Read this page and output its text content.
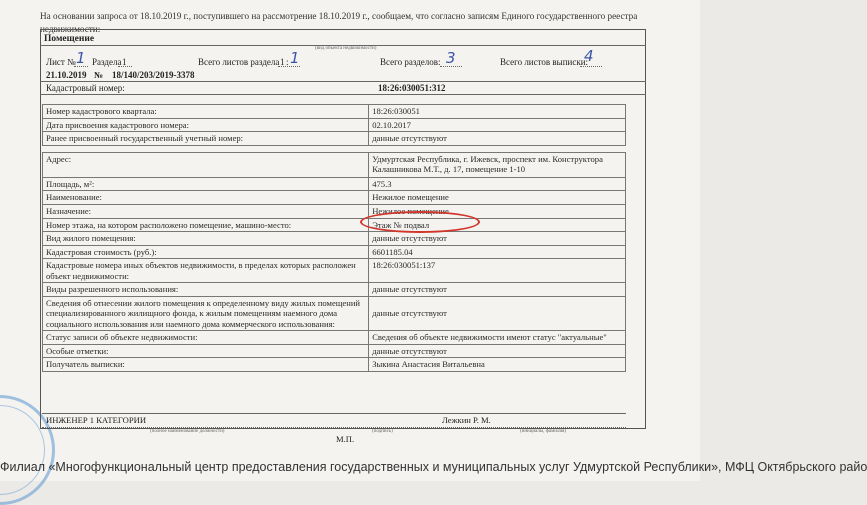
На основании запроса от 18.10.2019 г., поступившего на рассмотрение 18.10.2019 г., сообщаем, что согласно записям Единого государственного реестра недвижимости:
Помещение
(вид объекта недвижимости)
Лист № 1 Раздела 1	Всего листов раздела 1 : 1	Всего разделов: 3	Всего листов выписки:
4
21.10.2019 № 18/140/203/2019-3378
Кадастровый номер:	18:26:030051:312
Номер кадастрового квартала:	18:26:030051
Дата присвоения кадастрового номера:	02.10.2017
Ранее присвоенный государственный учетный номер:	данные отсутствуют

Адрес:	Удмуртская Республика, г. Ижевск, проспект им. Конструктора Калашникова М.Т., д. 17, помещение 1-10
Площадь, м²:	475.3
Наименование:	Нежилое помещение
Назначение:	Нежилое помещение
Номер этажа, на котором расположено помещение, машино-место:	Этаж № подвал
Вид жилого помещения:	данные отсутствуют
Кадастровая стоимость (руб.):	6601185.04
Кадастровые номера иных объектов недвижимости, в пределах которых расположен объект недвижимости:	18:26:030051:137
Виды разрешенного использования:	данные отсутствуют
Сведения об отнесении жилого помещения к определенному виду жилых помещений специализированного жилищного фонда, к жилым помещениям наемного дома социального использования или наемного дома коммерческого использования:	данные отсутствуют
Статус записи об объекте недвижимости:	Сведения об объекте недвижимости имеют статус "актуальные"
Особые отметки:	данные отсутствуют
Получатель выписки:	Зыкина Анастасия Витальевна
ИНЖЕНЕР 1 КАТЕГОРИИ	Лежкин Р. М.
(полное наименование должности)	(подпись)	(инициалы, фамилия)
М.П.
Филиал «Многофункциональный центр предоставления государственных и муниципальных услуг Удмуртской Республики», МФЦ Октябрьского райо
